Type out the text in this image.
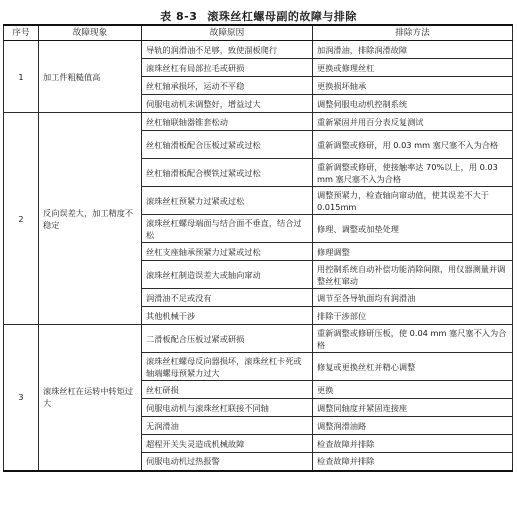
表 8-3 滚珠丝杠螺母副的故障与排除
序号	故障现象	故障原因	排除方法
1	加工件粗糙值高	导轨的润滑油不足够，致使溜板爬行	加润滑油，排除润滑故障
		滚珠丝杠有局部拉毛或研损	更换或修理丝杠
		丝杠轴承损坏，运动不平稳	更换损坏轴承
		伺服电动机未调整好，增益过大	调整伺服电动机控制系统
2	反向误差大，加工精度不稳定	丝杠轴联轴器锥套松动	重新紧固并用百分表反复测试
		丝杠轴滑板配合压板过紧或过松	重新调整或修研，用 0.03 mm 塞尺塞不入为合格
		丝杠轴滑板配合楔铁过紧或过松	重新调整或修研，使接触率达 70%以上，用 0.03 mm 塞尺塞不入为合格
		滚珠丝杠预紧力过紧或过松	调整预紧力，检查轴向窜动值，使其误差不大于 0.015mm
		滚珠丝杠螺母端面与结合面不垂直，结合过松	修理、调整或加垫处理
		丝杠支座轴承预紧力过紧或过松	修理调整
		滚珠丝杠制造误差大或轴向窜动	用控制系统自动补偿功能消除间隙，用仪器测量并调整丝杠窜动
		润滑油不足或没有	调节至各导轨面均有润滑油
		其他机械干涉	排除干涉部位
3	滚珠丝杠在运转中转矩过大	二滑板配合压板过紧或研损	重新调整或修研压板，使 0.04 mm 塞尺塞不入为合格
		滚珠丝杠螺母反向器损坏，滚珠丝杠卡死或轴端螺母预紧力过大	修复或更换丝杠并精心调整
		丝杠研损	更换
		伺服电动机与滚珠丝杠联接不同轴	调整同轴度并紧固连接座
		无润滑油	调整润滑油路
		超程开关失灵造成机械故障	检查故障并排除
		伺服电动机过热报警	检查故障并排除
